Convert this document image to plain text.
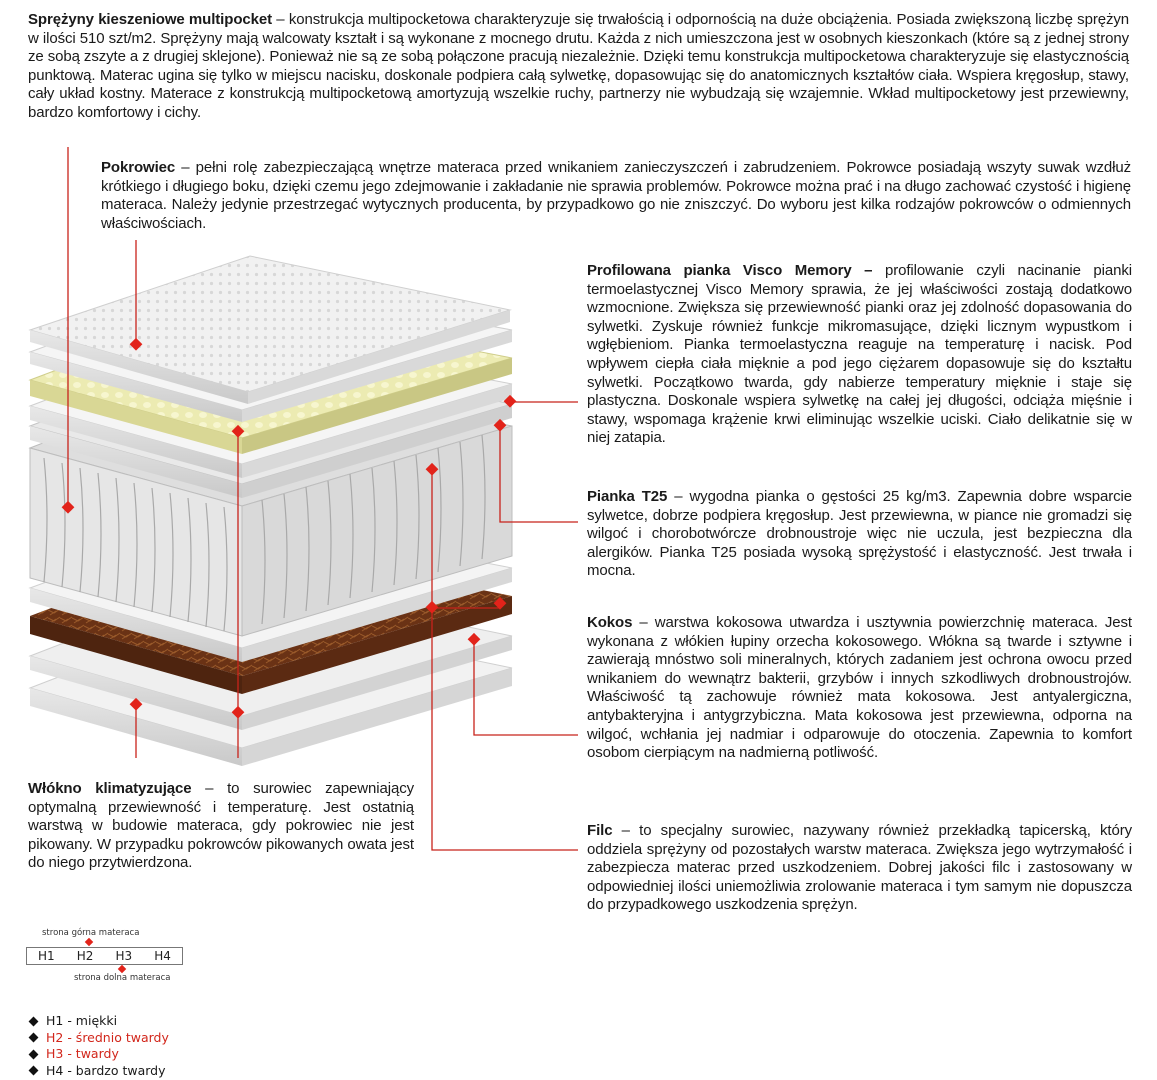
Sprężyny kieszeniowe multipocket – konstrukcja multipocketowa charakteryzuje się trwałością i odpornością na duże obciążenia. Posiada zwiększoną liczbę sprężyn w ilości 510 szt/m2. Sprężyny mają walcowaty kształt i są wykonane z mocnego drutu. Każda z nich umieszczona jest w osobnych kieszonkach (które są z jednej strony ze sobą zszyte a z drugiej sklejone). Ponieważ nie są ze sobą połączone pracują niezależnie. Dzięki temu konstrukcja multipocketowa charakteryzuje się elastycznością punktową. Materac ugina się tylko w miejscu nacisku, doskonale podpiera całą sylwetkę, dopasowując się do anatomicznych kształtów ciała. Wspiera kręgosłup, stawy, cały układ kostny. Materace z konstrukcją multipocketową amortyzują wszelkie ruchy, partnerzy nie wybudzają się wzajemnie. Wkład multipocketowy jest przewiewny, bardzo komfortowy i cichy.

Pokrowiec – pełni rolę zabezpieczającą wnętrze materaca przed wnikaniem zanieczyszczeń i zabrudzeniem. Pokrowce posiadają wszyty suwak wzdłuż krótkiego i długiego boku, dzięki czemu jego zdejmowanie i zakładanie nie sprawia problemów. Pokrowce można prać i na długo zachować czystość i higienę materaca. Należy jedynie przestrzegać wytycznych producenta, by przypadkowo go nie zniszczyć. Do wyboru jest kilka rodzajów pokrowców o odmiennych właściwościach.

Profilowana pianka Visco Memory – profilowanie czyli nacinanie pianki termoelastycznej Visco Memory sprawia, że jej właściwości zostają dodatkowo wzmocnione. Zwiększa się przewiewność pianki oraz jej zdolność dopasowania do sylwetki. Zyskuje również funkcje mikromasujące, dzięki licznym wypustkom i wgłębieniom. Pianka termoelastyczna reaguje na temperaturę i nacisk. Pod wpływem ciepła ciała mięknie a pod jego ciężarem dopasowuje się do kształtu sylwetki. Początkowo twarda, gdy nabierze temperatury mięknie i staje się plastyczna. Doskonale wspiera sylwetkę na całej jej długości, odciąża mięśnie i stawy, wspomaga krążenie krwi eliminując wszelkie uciski. Ciało delikatnie się w niej zatapia.

Pianka T25 – wygodna pianka o gęstości 25 kg/m3. Zapewnia dobre wsparcie sylwetce, dobrze podpiera kręgosłup. Jest przewiewna, w piance nie gromadzi się wilgoć i chorobotwórcze drobnoustroje więc nie uczula, jest bezpieczna dla alergików. Pianka T25 posiada wysoką sprężystość i elastyczność. Jest trwała i mocna.

Kokos – warstwa kokosowa utwardza i usztywnia powierzchnię materaca. Jest wykonana z włókien łupiny orzecha kokosowego. Włókna są twarde i sztywne i zawierają mnóstwo soli mineralnych, których zadaniem jest ochrona owocu przed wnikaniem do wewnątrz bakterii, grzybów i innych szkodliwych drobnoustrojów. Właściwość tą zachowuje również mata kokosowa. Jest antyalergiczna, antybakteryjna i antygrzybiczna. Mata kokosowa jest przewiewna, odporna na wilgoć, wchłania jej nadmiar i odparowuje do otoczenia. Zapewnia to komfort osobom cierpiącym na nadmierną potliwość.

Filc – to specjalny surowiec, nazywany również przekładką tapicerską, który oddziela sprężyny od pozostałych warstw materaca. Zwiększa jego wytrzymałość i zabezpiecza materac przed uszkodzeniem. Dobrej jakości filc i zastosowany w odpowiedniej ilości uniemożliwia zrolowanie materaca i tym samym nie dopuszcza do przypadkowego uszkodzenia sprężyn.

Włókno klimatyzujące – to surowiec zapewniający optymalną przewiewność i temperaturę. Jest ostatnią warstwą w budowie materaca, gdy pokrowiec nie jest pikowany. W przypadku pokrowców pikowanych owata jest do niego przytwierdzona.

strona górna materaca
H1 H2 H3 H4
strona dolna materaca
H1 - miękki
H2 - średnio twardy
H3 - twardy
H4 - bardzo twardy
